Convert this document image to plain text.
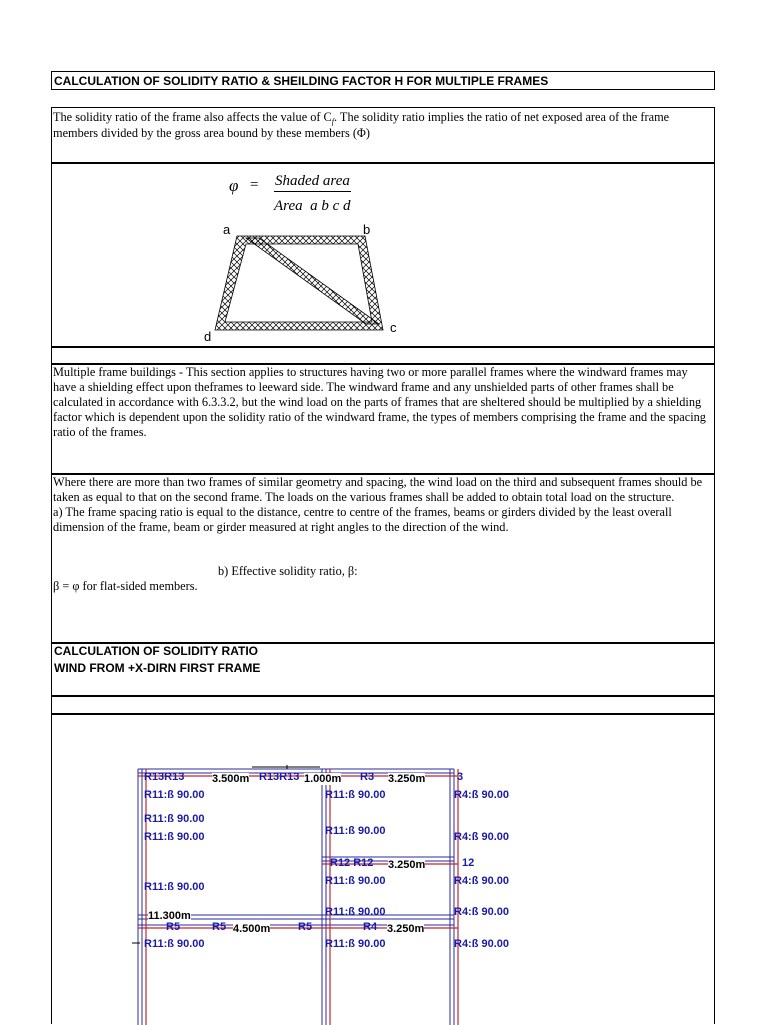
CALCULATION OF SOLIDITY RATIO & SHEILDING FACTOR H FOR MULTIPLE FRAMES
The solidity ratio of the frame also affects the value of $C_f$. The solidity ratio implies the ratio of net exposed area of the frame members divided by the gross area bound by these members (Φ)
φ = Shaded area
Area  a b c d
a	b
c
d
Multiple frame buildings - This section applies to structures having two or more parallel frames where the windward frames may have a shielding effect upon theframes to leeward side. The windward frame and any unshielded parts of other frames shall be calculated in accordance with 6.3.3.2, but the wind load on the parts of frames that are sheltered should be multiplied by a shielding factor which is dependent upon the solidity ratio of the windward frame, the types of members comprising the frame and the spacing ratio of the frames.
Where there are more than two frames of similar geometry and spacing, the wind load on the third and subsequent frames should be taken as equal to that on the second frame. The loads on the various frames shall be added to obtain total load on the structure.
a) The frame spacing ratio is equal to the distance, centre to centre of the frames, beams or girders divided by the least overall dimension of the frame, beam or girder measured at right angles to the direction of the wind.
b) Effective solidity ratio, β:
β = φ for flat-sided members.
CALCULATION OF SOLIDITY RATIO
WIND FROM +X-DIRN FIRST FRAME
R13R13	3.500m R13R13 1.000m R3 3.250m	3
R11:ß 90.00
R11:ß 90.00
R11:ß 90.00
R11:ß 90.00
R11:ß 90.00
R11:ß 90.00
R11:ß 90.00
R12 R12 3.250m	12
R11:ß 90.00
R11:ß 90.00
R11:ß 90.00
R4:ß 90.00
R4:ß 90.00
R4:ß 90.00
R4:ß 90.00
R4:ß 90.00
11.300m
R5	R5 4.500m	R5	R4 3.250m
